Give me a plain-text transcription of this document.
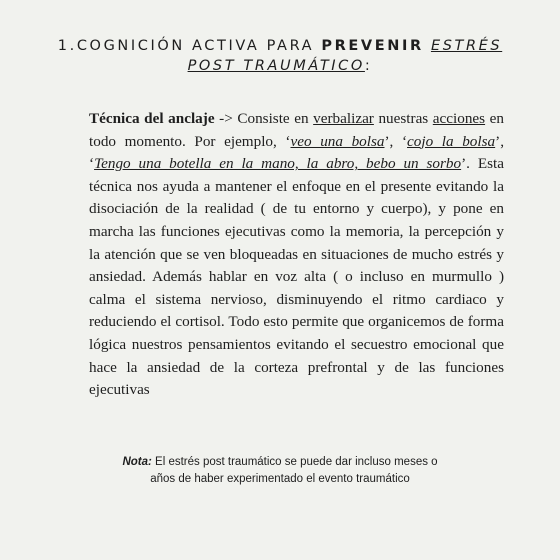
1.COGNICIÓN ACTIVA PARA PREVENIR ESTRÉS
POST TRAUMÁTICO:

Técnica del anclaje -> Consiste en verbalizar nuestras acciones en todo momento. Por ejemplo, ‘veo una bolsa’, ‘cojo la bolsa’, ‘Tengo una botella en la mano, la abro, bebo un sorbo’. Esta técnica nos ayuda a mantener el enfoque en el presente evitando la disociación de la realidad ( de tu entorno y cuerpo), y pone en marcha las funciones ejecutivas como la memoria, la percepción y la atención que se ven bloqueadas en situaciones de mucho estrés y ansiedad. Además hablar en voz alta ( o incluso en murmullo ) calma el sistema nervioso, disminuyendo el ritmo cardiaco y reduciendo el cortisol. Todo esto permite que organicemos de forma lógica nuestros pensamientos evitando el secuestro emocional que hace la ansiedad de la corteza prefrontal y de las funciones ejecutivas

Nota: El estrés post traumático se puede dar incluso meses o años de haber experimentado el evento traumático
